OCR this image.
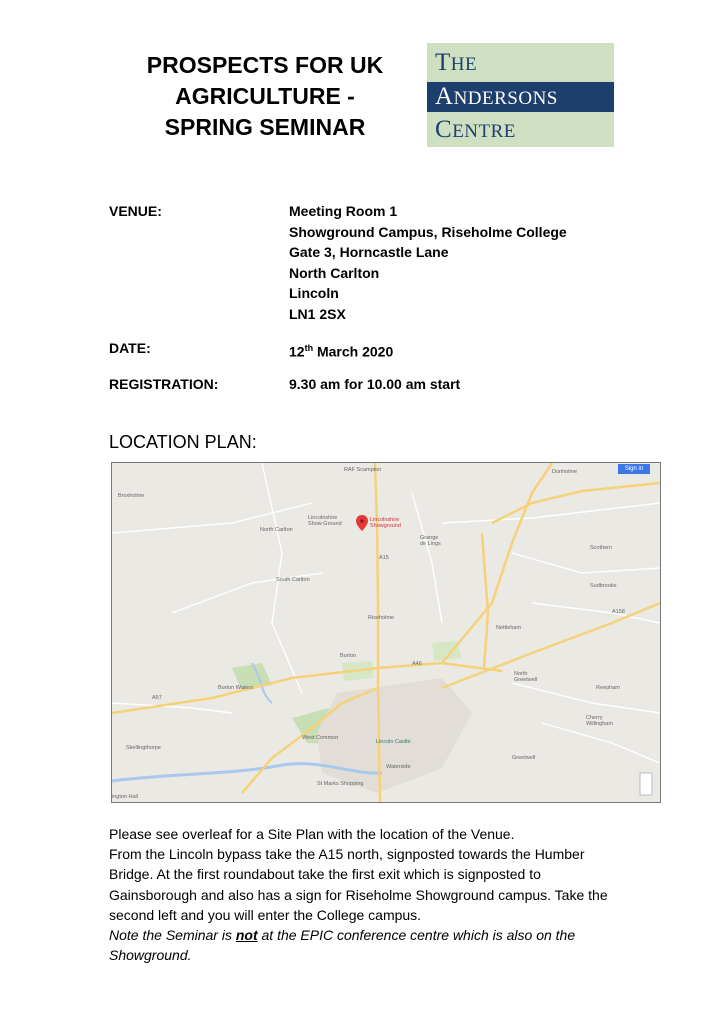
PROSPECTS FOR UK
AGRICULTURE -
SPRING SEMINAR
THE
ANDERSONS
CENTRE
VENUE:	Meeting Room 1
Showground Campus, Riseholme College
Gate 3, Horncastle Lane
North Carlton
Lincoln
LN1 2SX
DATE:	12th March 2020
REGISTRATION:	9.30 am for 10.00 am start
LOCATION PLAN:
RAF Scampton	Dunholme
Broxholme
Lincolnshire
Showground
Lincolnshire
Show Ground
North Carlton
Grange
de Lings
South Carlton
Riseholme
Nettleham
Sudbrooke
Scothern
Burton
Burton Waters
North
Greetwell
Reepham
Cherry
Willingham
Skellingthorpe
West Common
Lincoln Castle
Waterside
Greetwell
St Marks Shopping
ington Hall
A15
A46
A57
A158
Sign in

Please see overleaf for a Site Plan with the location of the Venue.

From the Lincoln bypass take the A15 north, signposted towards the Humber Bridge. At the first roundabout take the first exit which is signposted to Gainsborough and also has a sign for Riseholme Showground campus. Take the second left and you will enter the College campus.

Note the Seminar is not at the EPIC conference centre which is also on the Showground.
